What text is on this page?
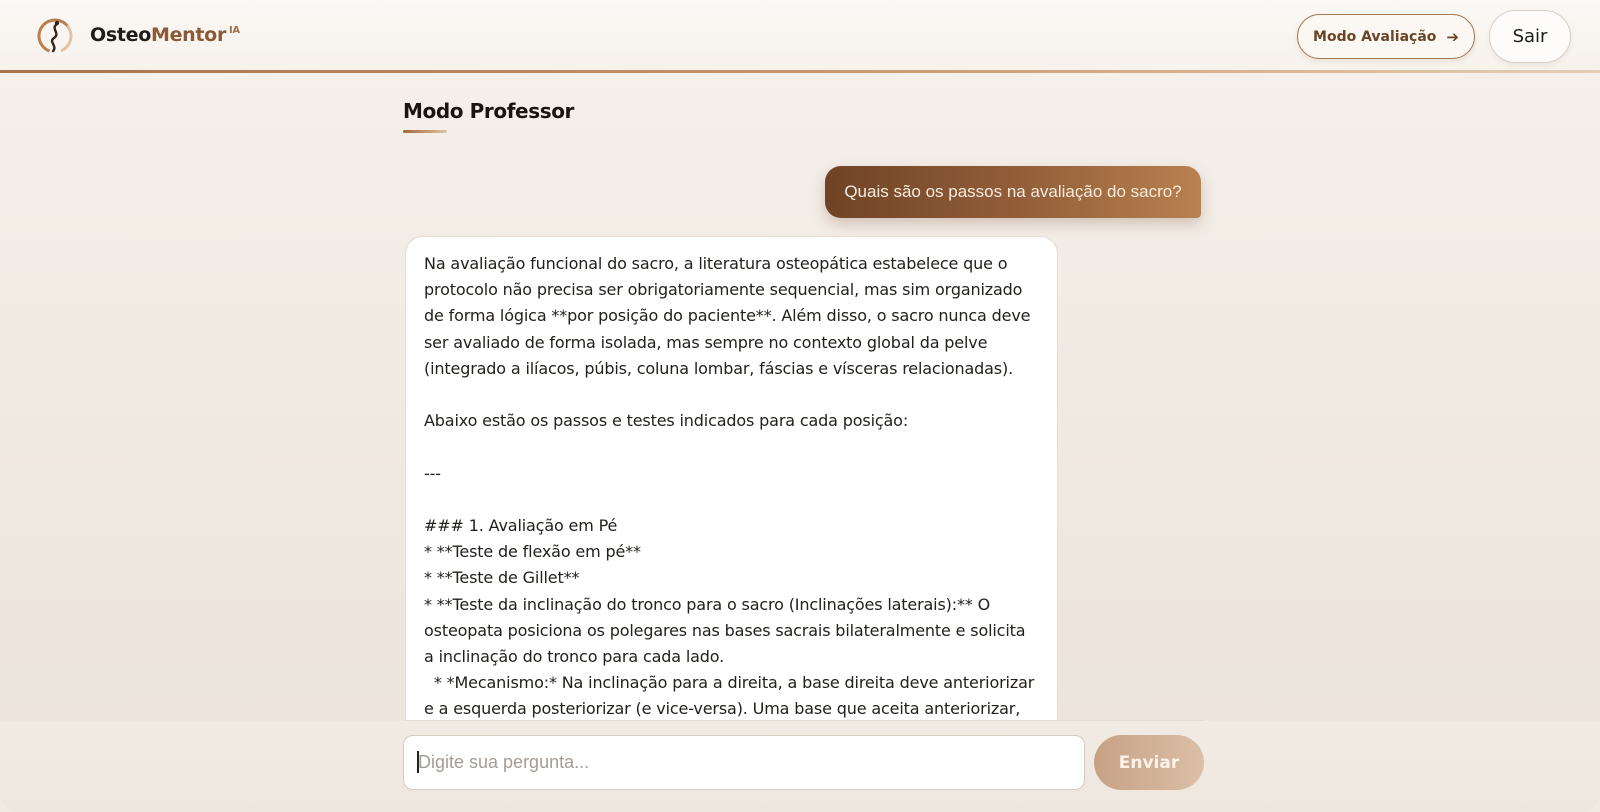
OsteoMentor $^{IA}$	Modo Avaliação ➔	Sair
Modo Professor
Quais são os passos na avaliação do sacro?
Na avaliação funcional do sacro, a literatura osteopática estabelece que o protocolo não precisa ser obrigatoriamente sequencial, mas sim organizado de forma lógica **por posição do paciente**. Além disso, o sacro nunca deve ser avaliado de forma isolada, mas sempre no contexto global da pelve (integrado a ilíacos, púbis, coluna lombar, fáscias e vísceras relacionadas).

Abaixo estão os passos e testes indicados para cada posição:

---

### 1. Avaliação em Pé
* **Teste de flexão em pé**
* **Teste de Gillet**
* **Teste da inclinação do tronco para o sacro (Inclinações laterais):** O osteopata posiciona os polegares nas bases sacrais bilateralmente e solicita a inclinação do tronco para cada lado.
* *Mecanismo:* Na inclinação para a direita, a base direita deve anteriorizar e a esquerda posteriorizar (e vice-versa). Uma base que aceita anteriorizar,
Digite sua pergunta...
Enviar
